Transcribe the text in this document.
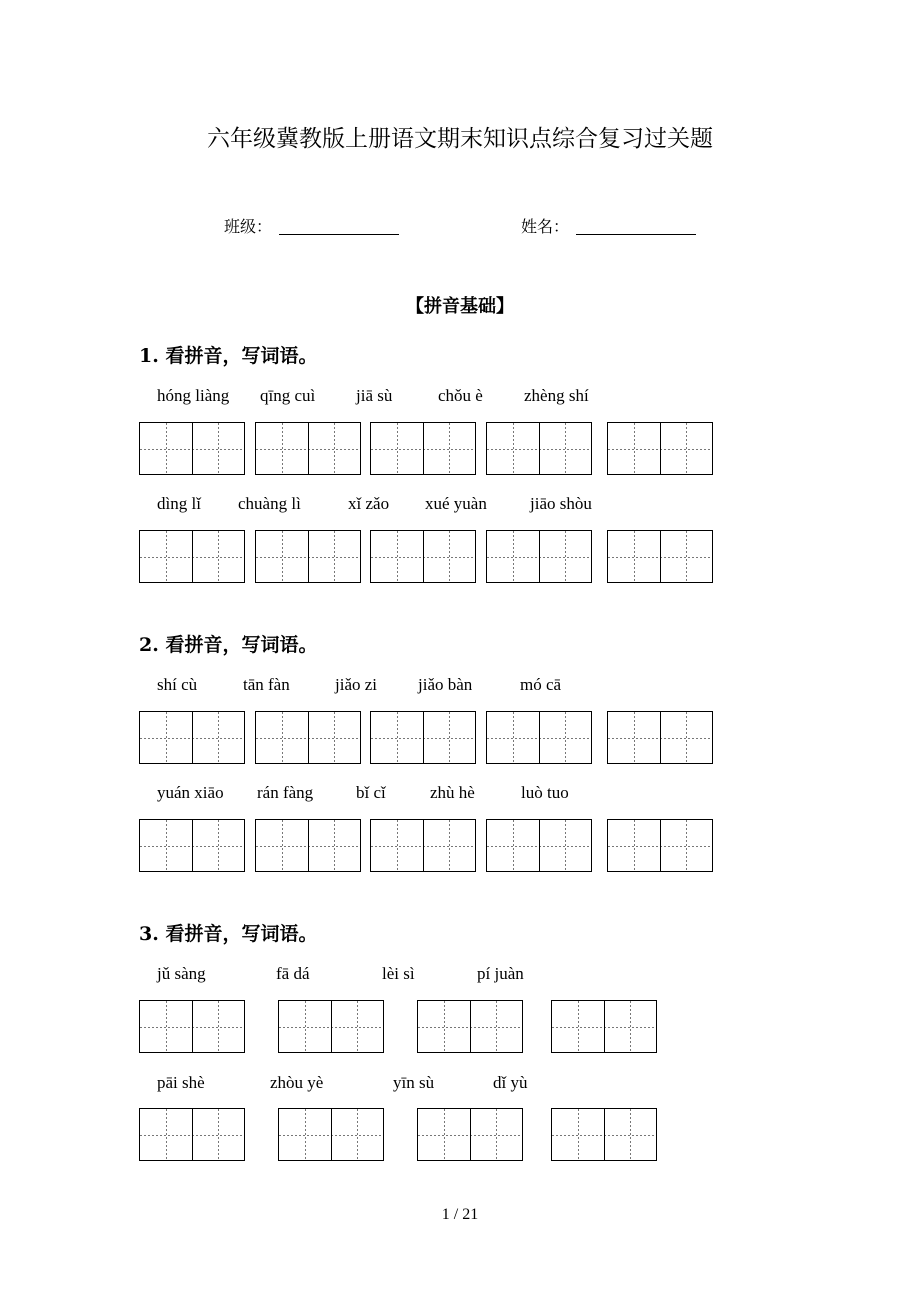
六年级冀教版上册语文期末知识点综合复习过关题
班级：	姓名：
【拼音基础】
1. 看拼音，写词语。
hóng liàng qīng cuì jiā sù	chǒu è zhèng shí
dìng lǐ chuàng lì	xǐ zǎo xué yuàn	jiāo shòu
2. 看拼音，写词语。
shí cù	tān fàn	jiǎo zi jiǎo bàn	mó cā
yuán xiāo rán fàng	bǐ cǐ	zhù hè	luò tuo
3. 看拼音，写词语。
jǔ sàng	fā dá	lèi sì	pí juàn
pāi shè	zhòu yè	yīn sù	dǐ yù
1 / 21
